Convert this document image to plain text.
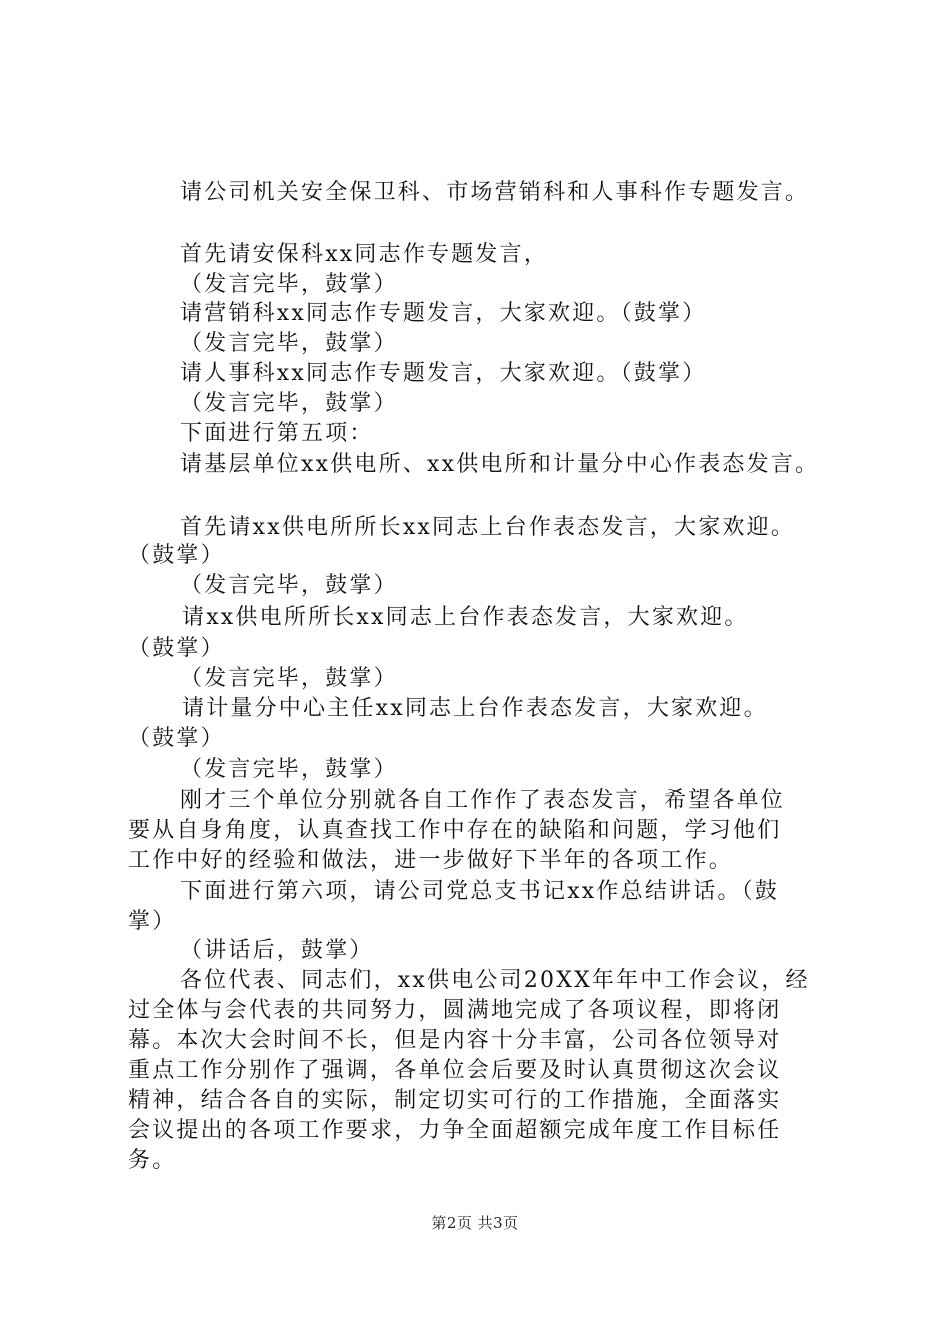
请公司机关安全保卫科、市场营销科和人事科作专题发言。
首先请安保科xx同志作专题发言，
（发言完毕，鼓掌）
请营销科xx同志作专题发言，大家欢迎。（鼓掌）
（发言完毕，鼓掌）
请人事科xx同志作专题发言，大家欢迎。（鼓掌）
（发言完毕，鼓掌）
下面进行第五项：
请基层单位xx供电所、xx供电所和计量分中心作表态发言。
首先请xx供电所所长xx同志上台作表态发言，大家欢迎。
（鼓掌）
（发言完毕，鼓掌）
请xx供电所所长xx同志上台作表态发言，大家欢迎。
（鼓掌）
（发言完毕，鼓掌）
请计量分中心主任xx同志上台作表态发言，大家欢迎。
（鼓掌）
（发言完毕，鼓掌）
刚才三个单位分别就各自工作作了表态发言，希望各单位
要从自身角度，认真查找工作中存在的缺陷和问题，学习他们
工作中好的经验和做法，进一步做好下半年的各项工作。
下面进行第六项，请公司党总支书记xx作总结讲话。（鼓
掌）
（讲话后，鼓掌）
各位代表、同志们，xx供电公司20XX年年中工作会议，经
过全体与会代表的共同努力，圆满地完成了各项议程，即将闭
幕。本次大会时间不长，但是内容十分丰富，公司各位领导对
重点工作分别作了强调，各单位会后要及时认真贯彻这次会议
精神，结合各自的实际，制定切实可行的工作措施，全面落实
会议提出的各项工作要求，力争全面超额完成年度工作目标任
务。
第2页 共3页
